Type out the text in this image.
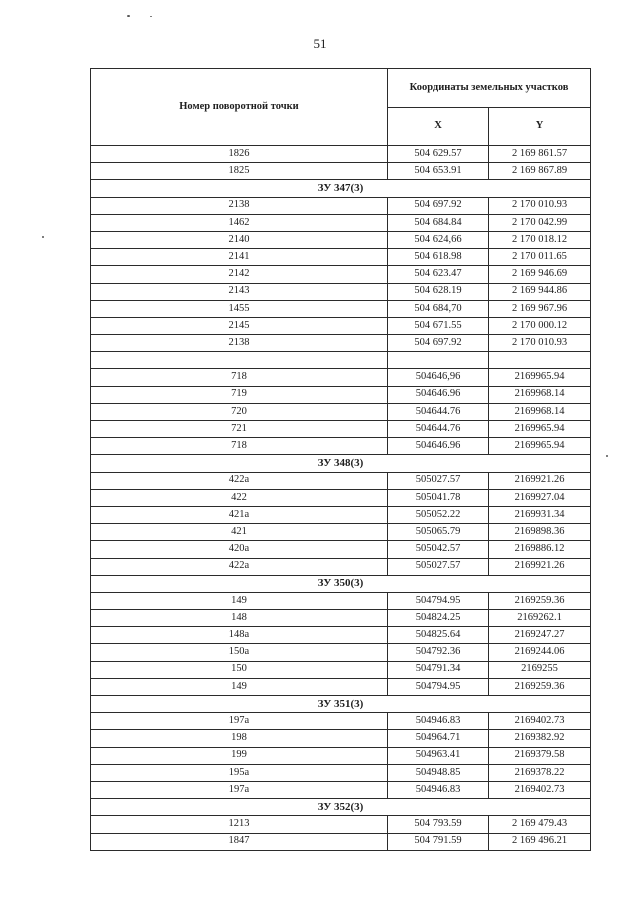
51
Номер поворотной точки	Координаты земельных участков	
	X	Y
1826	504 629.57	2 169 861.57
1825	504 653.91	2 169 867.89
ЗУ 347(3)		
2138	504 697.92	2 170 010.93
1462	504 684.84	2 170 042.99
2140	504 624,66	2 170 018.12
2141	504 618.98	2 170 011.65
2142	504 623.47	2 169 946.69
2143	504 628.19	2 169 944.86
1455	504 684,70	2 169 967.96
2145	504 671.55	2 170 000.12
2138	504 697.92	2 170 010.93

718	504646,96	2169965.94
719	504646.96	2169968.14
720	504644.76	2169968.14
721	504644.76	2169965.94
718	504646.96	2169965.94
ЗУ 348(3)		
422a	505027.57	2169921.26
422	505041.78	2169927.04
421a	505052.22	2169931.34
421	505065.79	2169898.36
420a	505042.57	2169886.12
422a	505027.57	2169921.26
ЗУ 350(3)		
149	504794.95	2169259.36
148	504824.25	2169262.1
148a	504825.64	2169247.27
150a	504792.36	2169244.06
150	504791.34	2169255
149	504794.95	2169259.36
ЗУ 351(3)		
197a	504946.83	2169402.73
198	504964.71	2169382.92
199	504963.41	2169379.58
195a	504948.85	2169378.22
197a	504946.83	2169402.73
ЗУ 352(3)		
1213	504 793.59	2 169 479.43
1847	504 791.59	2 169 496.21
